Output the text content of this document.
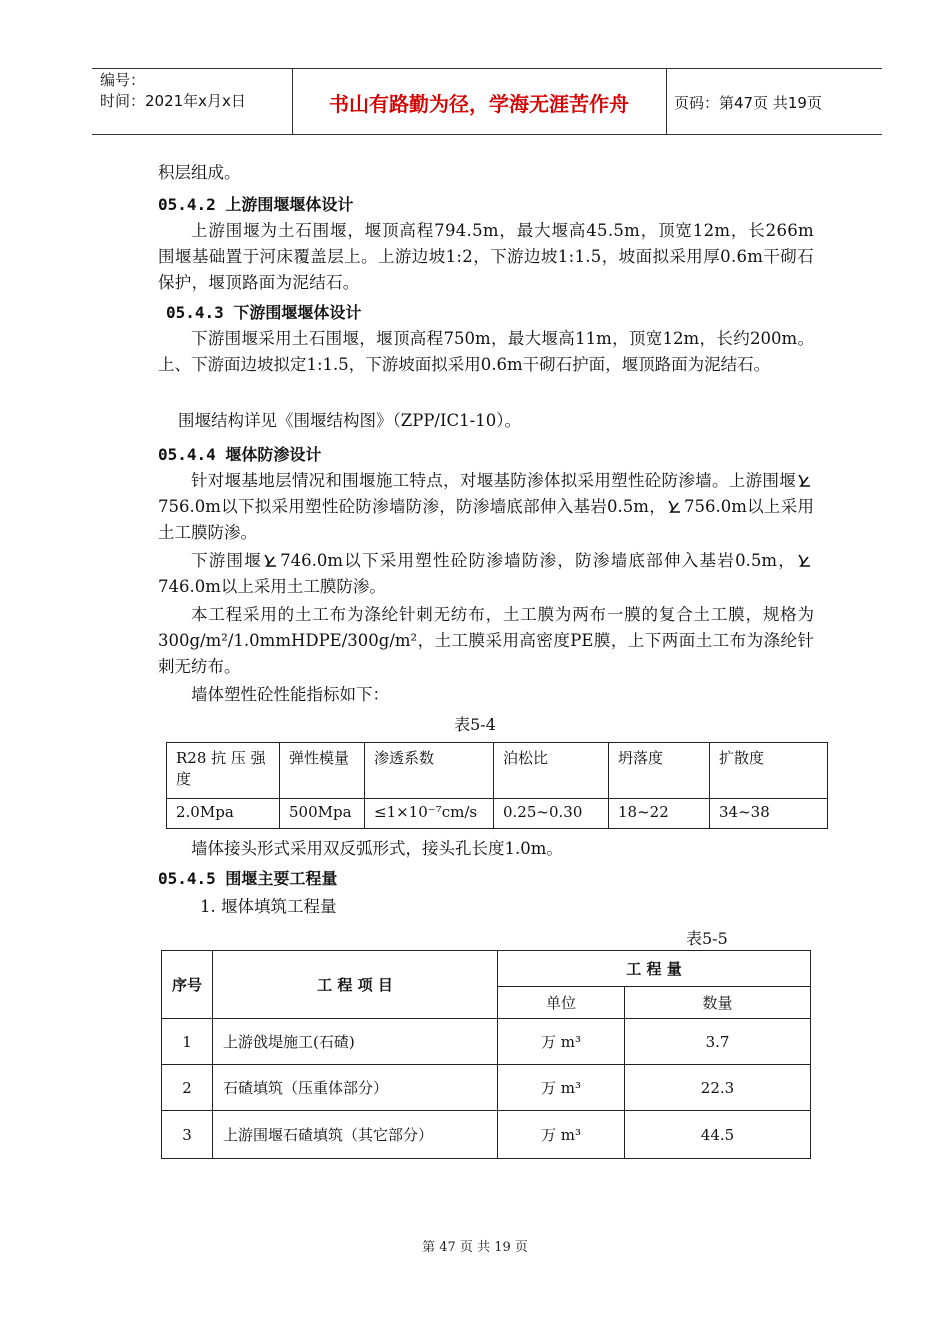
编号：
时间：2021年x月x日	书山有路勤为径，学海无涯苦作舟	页码：第47页 共19页
积层组成。
05.4.2 上游围堰堰体设计
上游围堰为土石围堰，堰顶高程794.5m，最大堰高45.5m，顶宽12m，长266m围堰基础置于河床覆盖层上。上游边坡1:2，下游边坡1:1.5，坡面拟采用厚0.6m干砌石保护，堰顶路面为泥结石。
05.4.3 下游围堰堰体设计
下游围堰采用土石围堰，堰顶高程750m，最大堰高11m，顶宽12m，长约200m。上、下游面边坡拟定1:1.5，下游坡面拟采用0.6m干砌石护面，堰顶路面为泥结石。
围堰结构详见《围堰结构图》（ZPP/IC1-10）。
05.4.4 堰体防渗设计
针对堰基地层情况和围堰施工特点，对堰基防渗体拟采用塑性砼防渗墙。上游围堰756.0m以下拟采用塑性砼防渗墙防渗，防渗墙底部伸入基岩0.5m， 756.0m以上采用土工膜防渗。
下游围堰 746.0m以下采用塑性砼防渗墙防渗，防渗墙底部伸入基岩0.5m，746.0m以上采用土工膜防渗。
本工程采用的土工布为涤纶针刺无纺布，土工膜为两布一膜的复合土工膜，规格为300g/m²/1.0mmHDPE/300g/m²，土工膜采用高密度PE膜，上下两面土工布为涤纶针刺无纺布。
墙体塑性砼性能指标如下：
表5-4
R28 抗 压 强度	弹性模量	渗透系数	泊松比	坍落度	扩散度
2.0Mpa	500Mpa	≤1×10⁻⁷cm/s	0.25~0.30	18~22	34~38
墙体接头形式采用双反弧形式，接头孔长度1.0m。
05.4.5 围堰主要工程量
1. 堰体填筑工程量
表5-5
序号	工 程 项 目	工 程 量	
		单位	数量
1	上游戗堤施工(石碴)	万 m³	3.7
2	石碴填筑（压重体部分）	万 m³	22.3
3	上游围堰石碴填筑（其它部分）	万 m³	44.5
第 47 页 共 19 页
